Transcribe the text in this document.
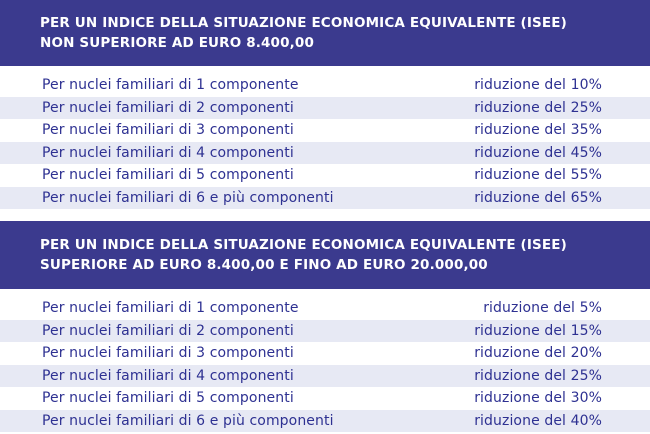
PER UN INDICE DELLA SITUAZIONE ECONOMICA EQUIVALENTE (ISEE)
NON SUPERIORE AD EURO 8.400,00
Per nuclei familiari di 1 componente	riduzione del 10%
Per nuclei familiari di 2 componenti	riduzione del 25%
Per nuclei familiari di 3 componenti	riduzione del 35%
Per nuclei familiari di 4 componenti	riduzione del 45%
Per nuclei familiari di 5 componenti	riduzione del 55%
Per nuclei familiari di 6 e più componenti	riduzione del 65%
PER UN INDICE DELLA SITUAZIONE ECONOMICA EQUIVALENTE (ISEE)
SUPERIORE AD EURO 8.400,00 E FINO AD EURO 20.000,00
Per nuclei familiari di 1 componente	riduzione del 5%
Per nuclei familiari di 2 componenti	riduzione del 15%
Per nuclei familiari di 3 componenti	riduzione del 20%
Per nuclei familiari di 4 componenti	riduzione del 25%
Per nuclei familiari di 5 componenti	riduzione del 30%
Per nuclei familiari di 6 e più componenti	riduzione del 40%
